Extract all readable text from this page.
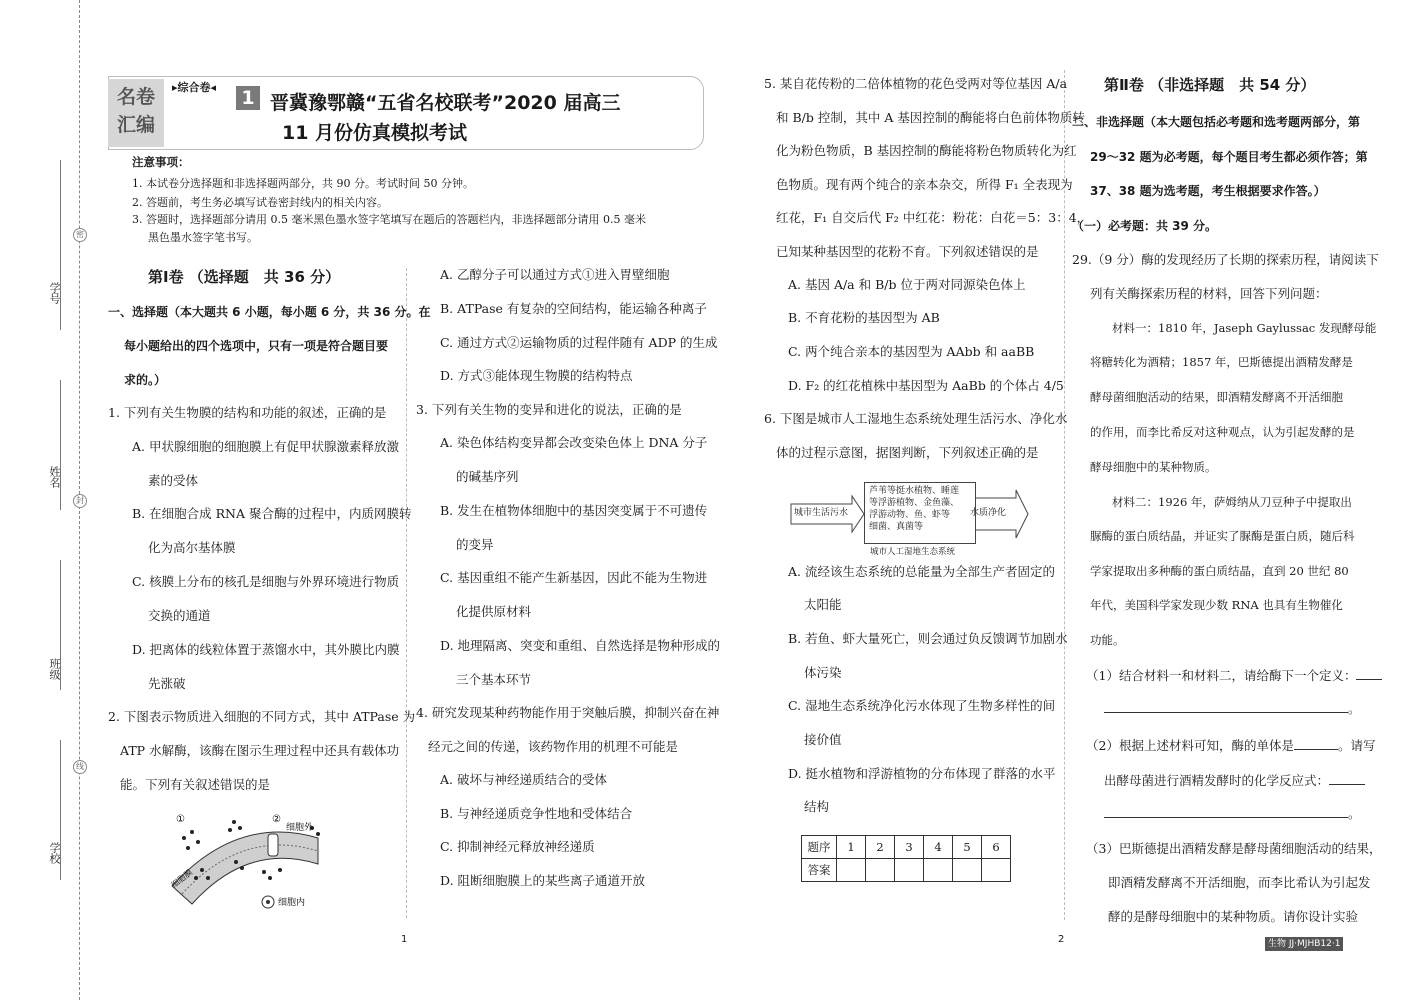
学号
姓名
班级
学校
密
封
线
名卷
汇编
▸综合卷◂ 1 晋冀豫鄂赣“五省名校联考”2020 届高三
11 月份仿真模拟考试
注意事项：
1. 本试卷分选择题和非选择题两部分，共 90 分。考试时间 50 分钟。
2. 答题前，考生务必填写试卷密封线内的相关内容。
3. 答题时，选择题部分请用 0.5 毫米黑色墨水签字笔填写在题后的答题栏内，非选择题部分请用 0.5 毫米
黑色墨水签字笔书写。
第Ⅰ卷 （选择题　共 36 分）
一、选择题（本大题共 6 小题，每小题 6 分，共 36 分。在
每小题给出的四个选项中，只有一项是符合题目要
求的。）
1. 下列有关生物膜的结构和功能的叙述，正确的是
A. 甲状腺细胞的细胞膜上有促甲状腺激素释放激
素的受体
B. 在细胞合成 RNA 聚合酶的过程中，内质网膜转
化为高尔基体膜
C. 核膜上分布的核孔是细胞与外界环境进行物质
交换的通道
D. 把离体的线粒体置于蒸馏水中，其外膜比内膜
先涨破
2. 下图表示物质进入细胞的不同方式，其中 ATPase 为
ATP 水解酶，该酶在图示生理过程中还具有载体功
能。下列有关叙述错误的是
①	②
细胞外
细胞膜
细胞内
A. 乙醇分子可以通过方式①进入胃壁细胞
B. ATPase 有复杂的空间结构，能运输各种离子
C. 通过方式②运输物质的过程伴随有 ADP 的生成
D. 方式③能体现生物膜的结构特点
3. 下列有关生物的变异和进化的说法，正确的是
A. 染色体结构变异都会改变染色体上 DNA 分子
的碱基序列
B. 发生在植物体细胞中的基因突变属于不可遗传
的变异
C. 基因重组不能产生新基因，因此不能为生物进
化提供原材料
D. 地理隔离、突变和重组、自然选择是物种形成的
三个基本环节
4. 研究发现某种药物能作用于突触后膜，抑制兴奋在神
经元之间的传递，该药物作用的机理不可能是
A. 破坏与神经递质结合的受体
B. 与神经递质竞争性地和受体结合
C. 抑制神经元释放神经递质
D. 阻断细胞膜上的某些离子通道开放
5. 某自花传粉的二倍体植物的花色受两对等位基因 A/a
和 B/b 控制，其中 A 基因控制的酶能将白色前体物质转
化为粉色物质，B 基因控制的酶能将粉色物质转化为红
色物质。现有两个纯合的亲本杂交，所得 F₁ 全表现为
红花，F₁ 自交后代 F₂ 中红花：粉花：白花＝5：3：4，
已知某种基因型的花粉不育。下列叙述错误的是
A. 基因 A/a 和 B/b 位于两对同源染色体上
B. 不育花粉的基因型为 AB
C. 两个纯合亲本的基因型为 AAbb 和 aaBB
D. F₂ 的红花植株中基因型为 AaBb 的个体占 4/5
6. 下图是城市人工湿地生态系统处理生活污水、净化水
体的过程示意图，据图判断，下列叙述正确的是
城市生活污水
芦苇等挺水植物、睡莲
等浮游植物、金鱼藻、
浮游动物、鱼、虾等
细菌、真菌等
水质净化
城市人工湿地生态系统
A. 流经该生态系统的总能量为全部生产者固定的
太阳能
B. 若鱼、虾大量死亡，则会通过负反馈调节加剧水
体污染
C. 湿地生态系统净化污水体现了生物多样性的间
接价值
D. 挺水植物和浮游植物的分布体现了群落的水平
结构
题序	1	2	3	4	5	6
答案						
第Ⅱ卷 （非选择题　共 54 分）
二、非选择题（本大题包括必考题和选考题两部分，第
29～32 题为必考题，每个题目考生都必须作答；第
37、38 题为选考题，考生根据要求作答。）
（一）必考题：共 39 分。
29.（9 分）酶的发现经历了长期的探索历程，请阅读下
列有关酶探索历程的材料，回答下列问题：
材料一：1810 年，Jaseph Gaylussac 发现酵母能
将糖转化为酒精；1857 年，巴斯德提出酒精发酵是
酵母菌细胞活动的结果，即酒精发酵离不开活细胞
的作用，而李比希反对这种观点，认为引起发酵的是
酵母细胞中的某种物质。
材料二：1926 年，萨姆纳从刀豆种子中提取出
脲酶的蛋白质结晶，并证实了脲酶是蛋白质，随后科
学家提取出多种酶的蛋白质结晶，直到 20 世纪 80
年代，美国科学家发现少数 RNA 也具有生物催化
功能。
（1）结合材料一和材料二，请给酶下一个定义：
。
（2）根据上述材料可知，酶的单体是	。请写
出酵母菌进行酒精发酵时的化学反应式：
。
（3）巴斯德提出酒精发酵是酵母菌细胞活动的结果，
即酒精发酵离不开活细胞，而李比希认为引起发
酵的是酵母细胞中的某种物质。请你设计实验
1	2	生物 JJ·MJHB12·1
